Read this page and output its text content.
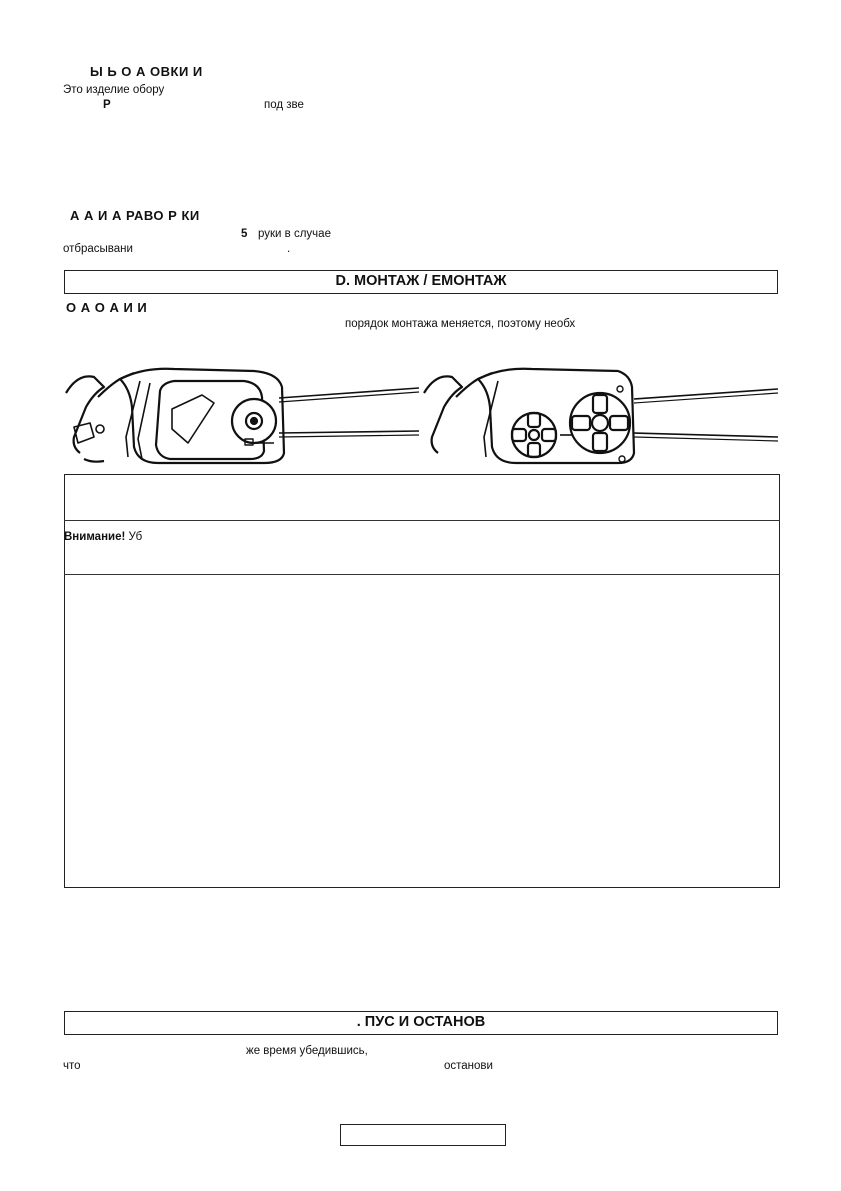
Ы Ь О А ОВКИ И
Это изделие обору
Р	под зве
А А И А РАВО Р КИ
5 руки в случае
отбрасывани	.
D. МОНТАЖ / ЕМОНТАЖ
О А О А И И
порядок монтажа меняется, поэтому необх
Внимание! Уб
. ПУС И ОСТАНОВ
же время убедившись,
что	останови
